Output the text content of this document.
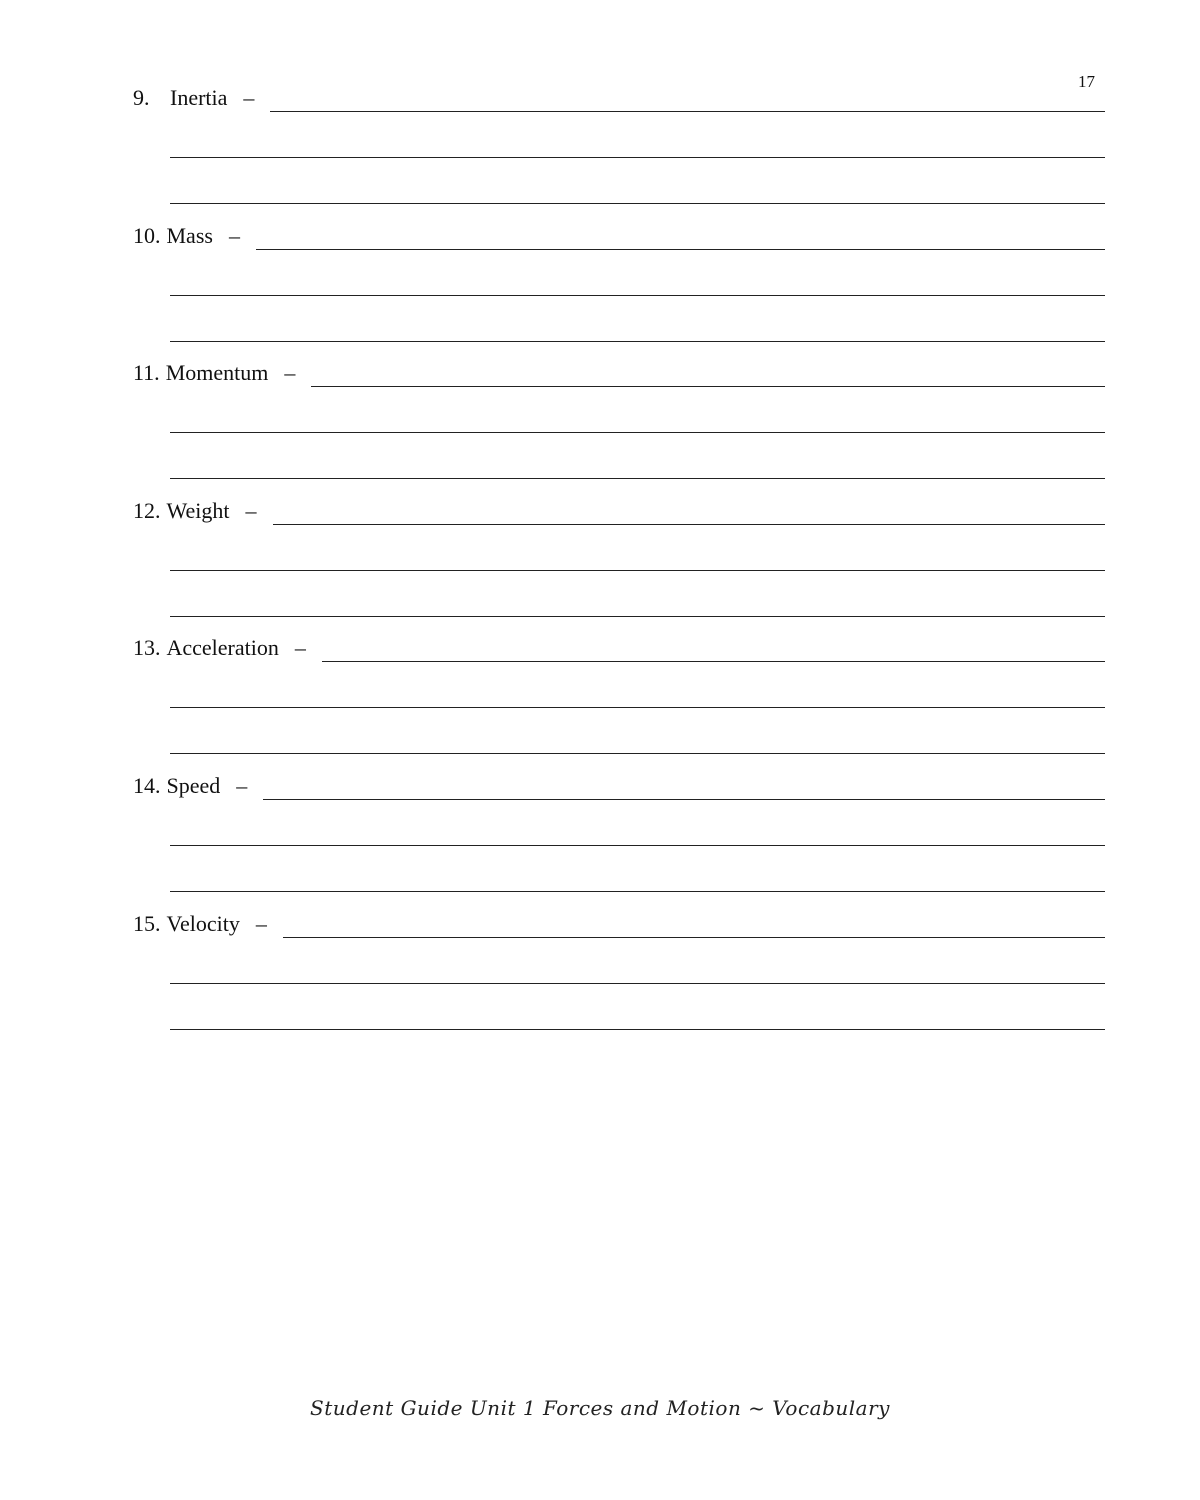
17
9. Inertia –
10. Mass –
11. Momentum –
12. Weight –
13. Acceleration –
14. Speed –
15. Velocity –
Student Guide Unit 1 Forces and Motion ~ Vocabulary
